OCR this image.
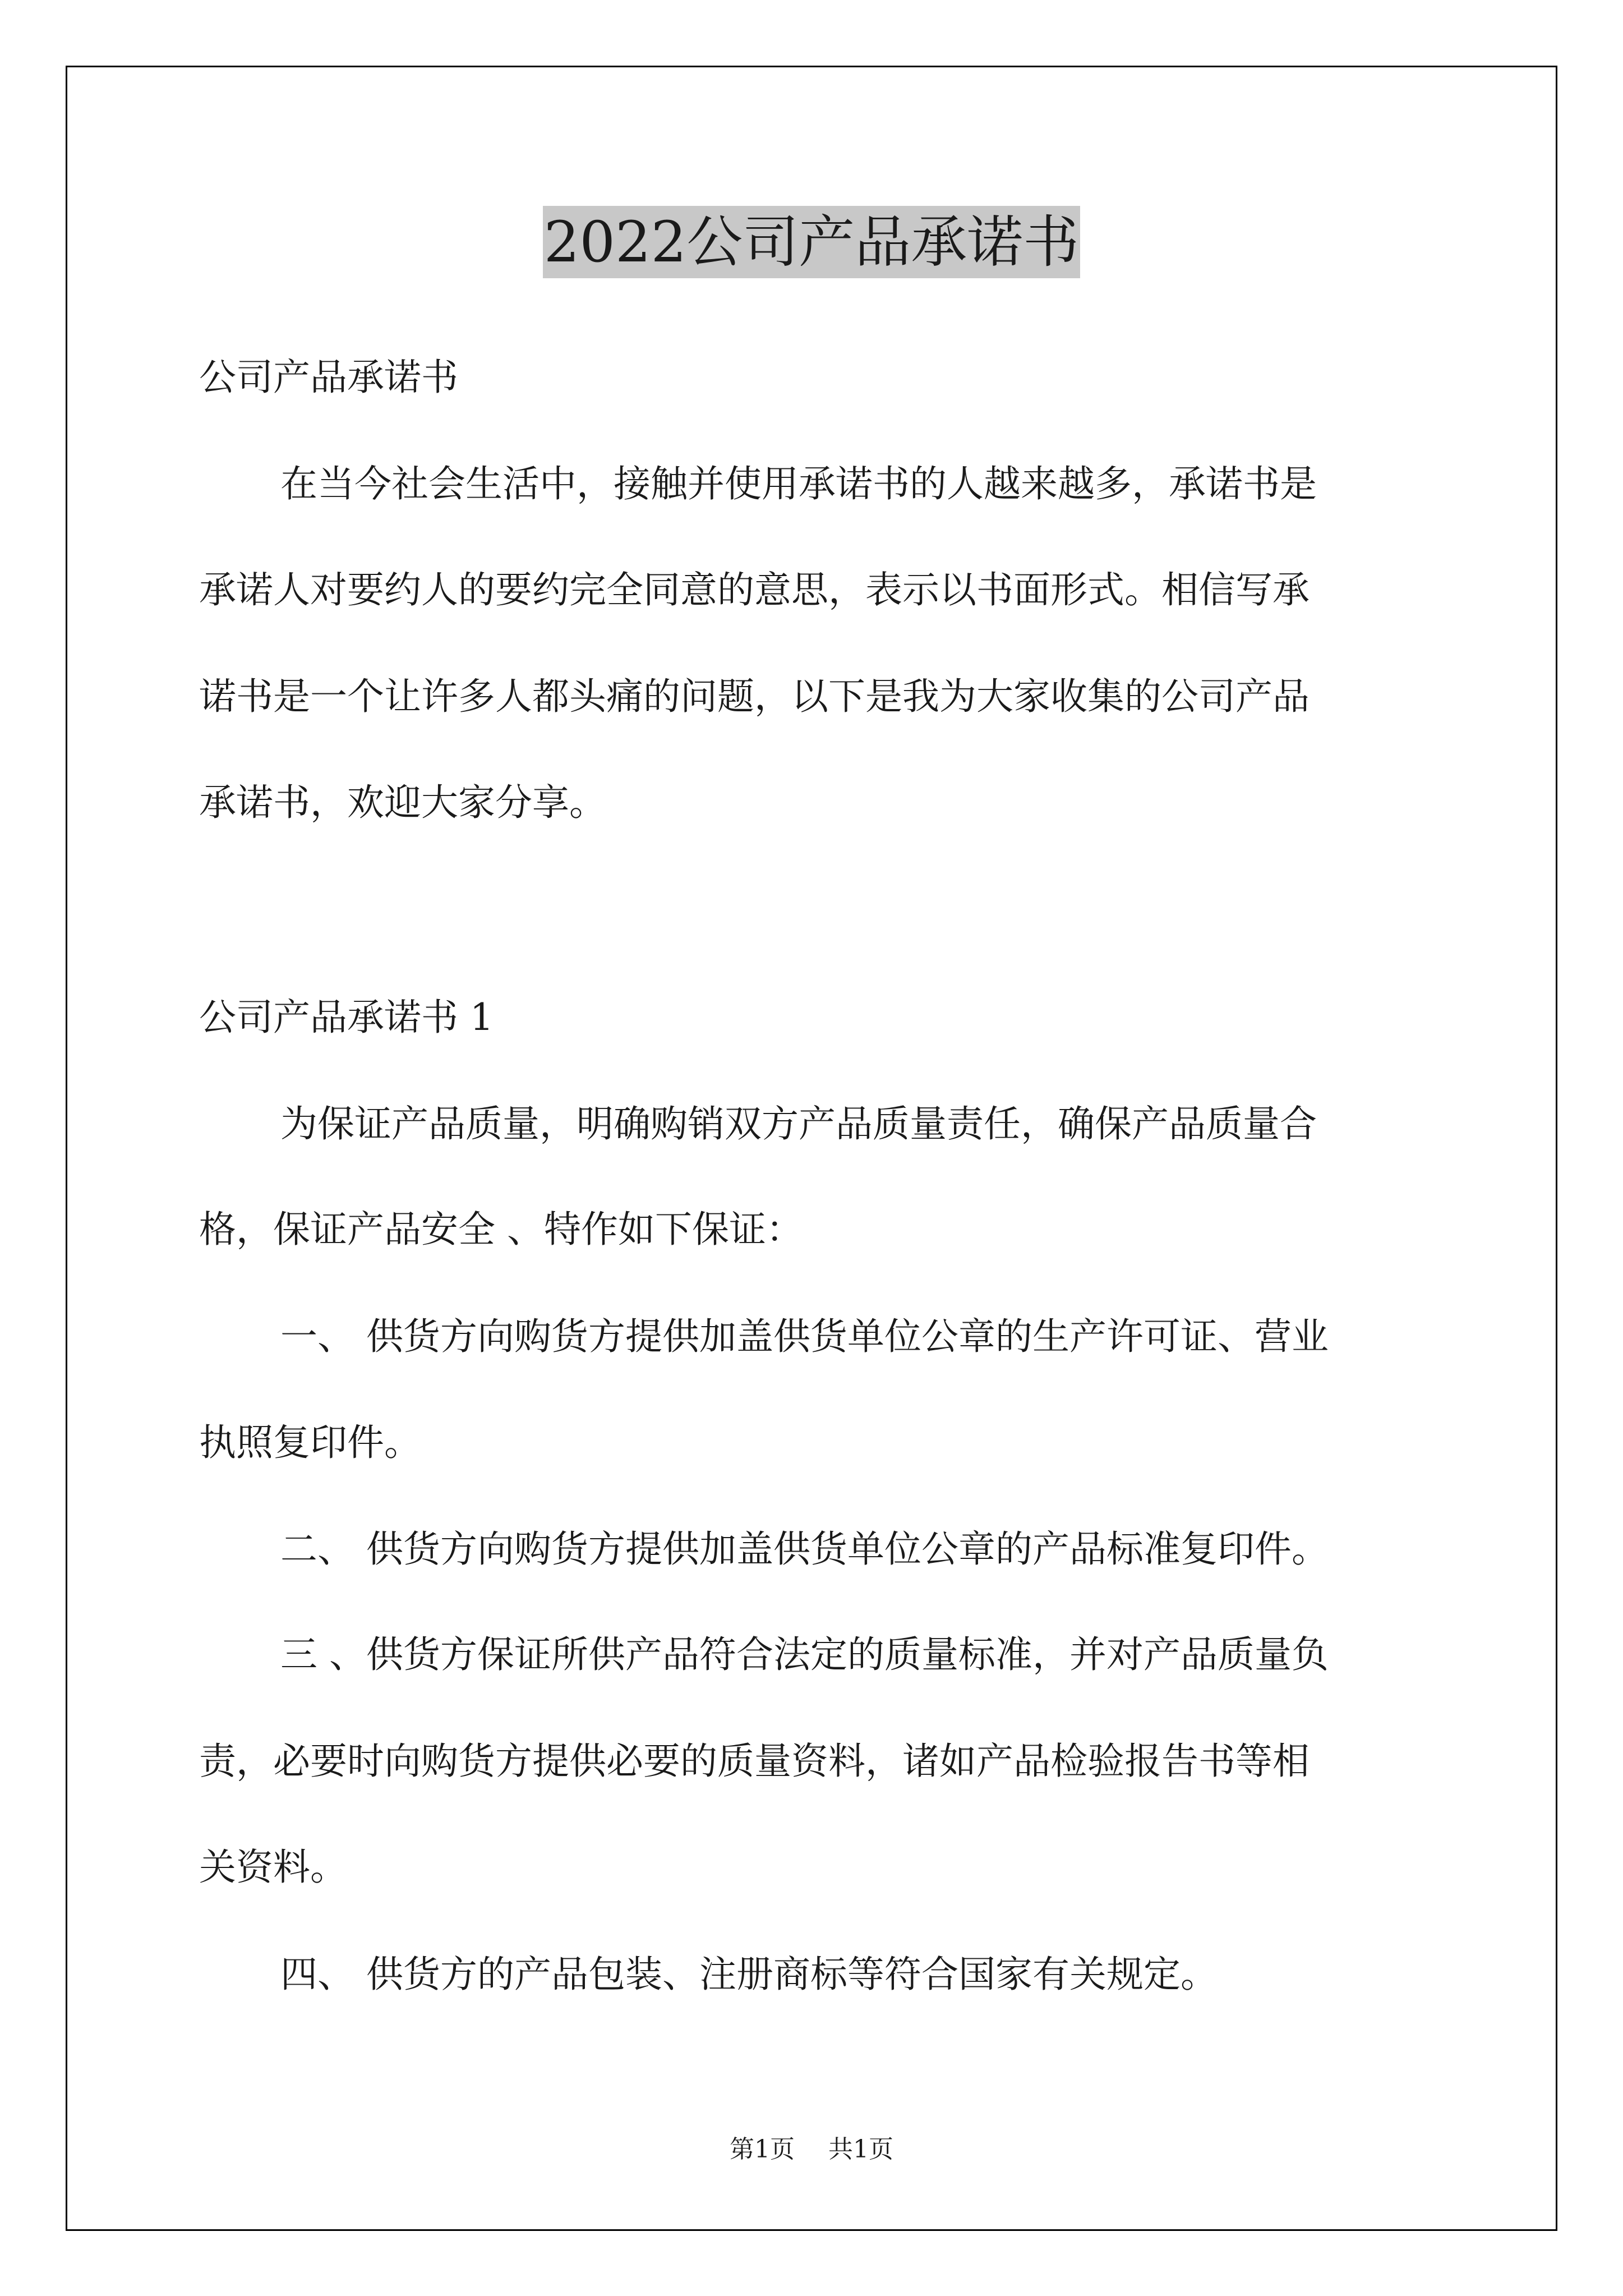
2022公司产品承诺书
公司产品承诺书
在当今社会生活中，接触并使用承诺书的人越来越多，承诺书是
承诺人对要约人的要约完全同意的意思，表示以书面形式。相信写承
诺书是一个让许多人都头痛的问题，以下是我为大家收集的公司产品
承诺书，欢迎大家分享。
公司产品承诺书 1
为保证产品质量，明确购销双方产品质量责任，确保产品质量合
格，保证产品安全 、特作如下保证：
一、 供货方向购货方提供加盖供货单位公章的生产许可证、营业
执照复印件。
二、 供货方向购货方提供加盖供货单位公章的产品标准复印件。
三 、供货方保证所供产品符合法定的质量标准，并对产品质量负
责，必要时向购货方提供必要的质量资料，诸如产品检验报告书等相
关资料。
四、 供货方的产品包装、注册商标等符合国家有关规定。
第1页 共1页
